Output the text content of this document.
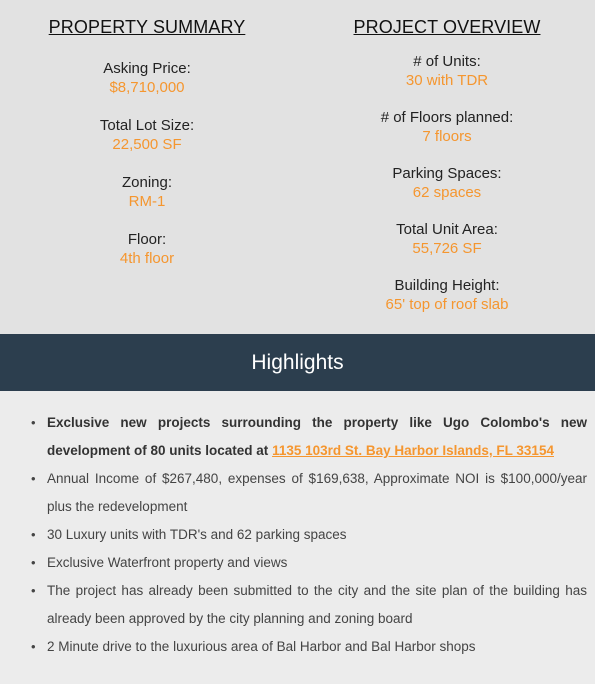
PROPERTY SUMMARY
Asking Price:
$8,710,000
Total Lot Size:
22,500 SF
Zoning:
RM-1
Floor:
4th floor
PROJECT OVERVIEW
# of Units:
30 with TDR
# of Floors planned:
7 floors
Parking Spaces:
62 spaces
Total Unit Area:
55,726 SF
Building Height:
65' top of roof slab
Highlights
• Exclusive new projects surrounding the property like Ugo Colombo's new development of 80 units located at 1135 103rd St. Bay Harbor Islands, FL 33154
• Annual Income of $267,480, expenses of $169,638, Approximate NOI is $100,000/year plus the redevelopment
• 30 Luxury units with TDR's and 62 parking spaces
• Exclusive Waterfront property and views
• The project has already been submitted to the city and the site plan of the building has already been approved by the city planning and zoning board
• 2 Minute drive to the luxurious area of Bal Harbor and Bal Harbor shops
